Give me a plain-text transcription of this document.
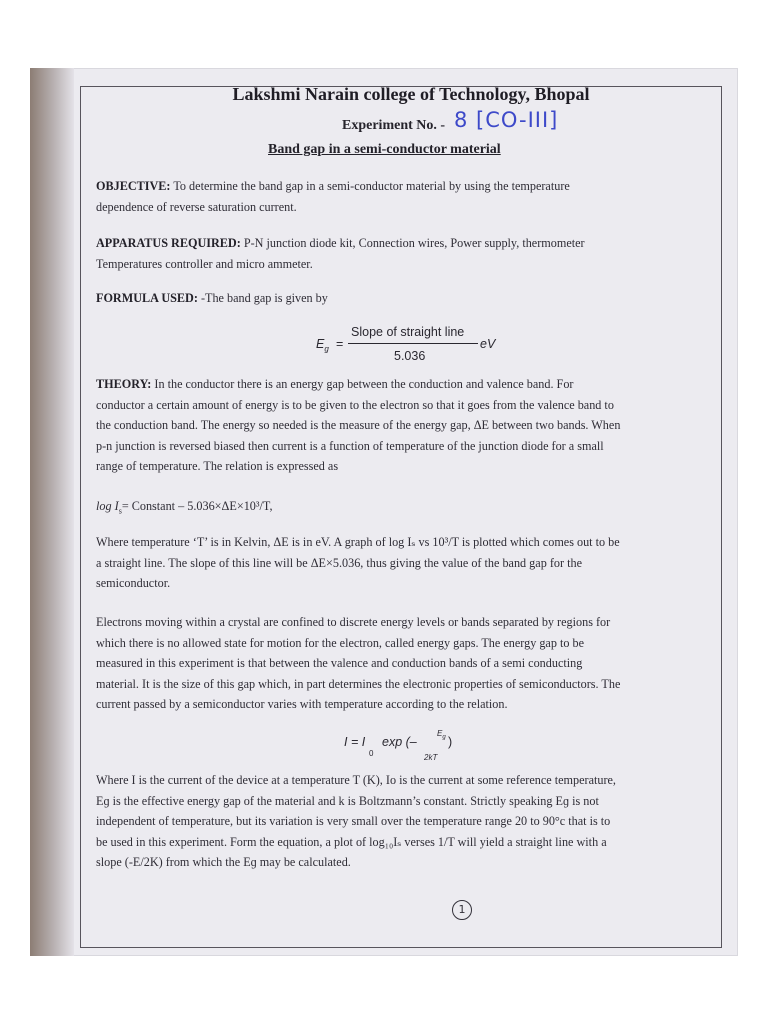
Lakshmi Narain college of Technology, Bhopal
Experiment No. - 8 [CO-III]
Band gap in a semi-conductor material
OBJECTIVE: To determine the band gap in a semi-conductor material by using the temperature
dependence of reverse saturation current.
APPARATUS REQUIRED: P-N junction diode kit, Connection wires, Power supply, thermometer
Temperatures controller and micro ammeter.
FORMULA USED: -The band gap is given by
$E_g$ =
Slope of straight line
5.036
eV
THEORY: In the conductor there is an energy gap between the conduction and valence band. For
conductor a certain amount of energy is to be given to the electron so that it goes from the valence band to
the conduction band. The energy so needed is the measure of the energy gap, ΔE between two bands. When
p-n junction is reversed biased then current is a function of temperature of the junction diode for a small
range of temperature. The relation is expressed as
$\log I_s=$ Constant – 5.036×ΔE×10³/T,
Where temperature ‘T’ is in Kelvin, ΔE is in eV. A graph of log Iₛ vs 10³/T is plotted which comes out to be
a straight line. The slope of this line will be ΔE×5.036, thus giving the value of the band gap for the
semiconductor.
Electrons moving within a crystal are confined to discrete energy levels or bands separated by regions for
which there is no allowed state for motion for the electron, called energy gaps. The energy gap to be
measured in this experiment is that between the valence and conduction bands of a semi conducting
material. It is the size of this gap which, in part determines the electronic properties of semiconductors. The
current passed by a semiconductor varies with temperature according to the relation.
I = I
0
exp (–
$E_g$ )
2kT
Where I is the current of the device at a temperature T (K), Io is the current at some reference temperature,
Eɡ is the effective energy gap of the material and k is Boltzmann’s constant. Strictly speaking Eɡ is not
independent of temperature, but its variation is very small over the temperature range 20 to 90°c that is to
be used in this experiment. Form the equation, a plot of log₁₀Iₛ verses 1/T will yield a straight line with a
slope (-E/2K) from which the Eɡ may be calculated.
1
